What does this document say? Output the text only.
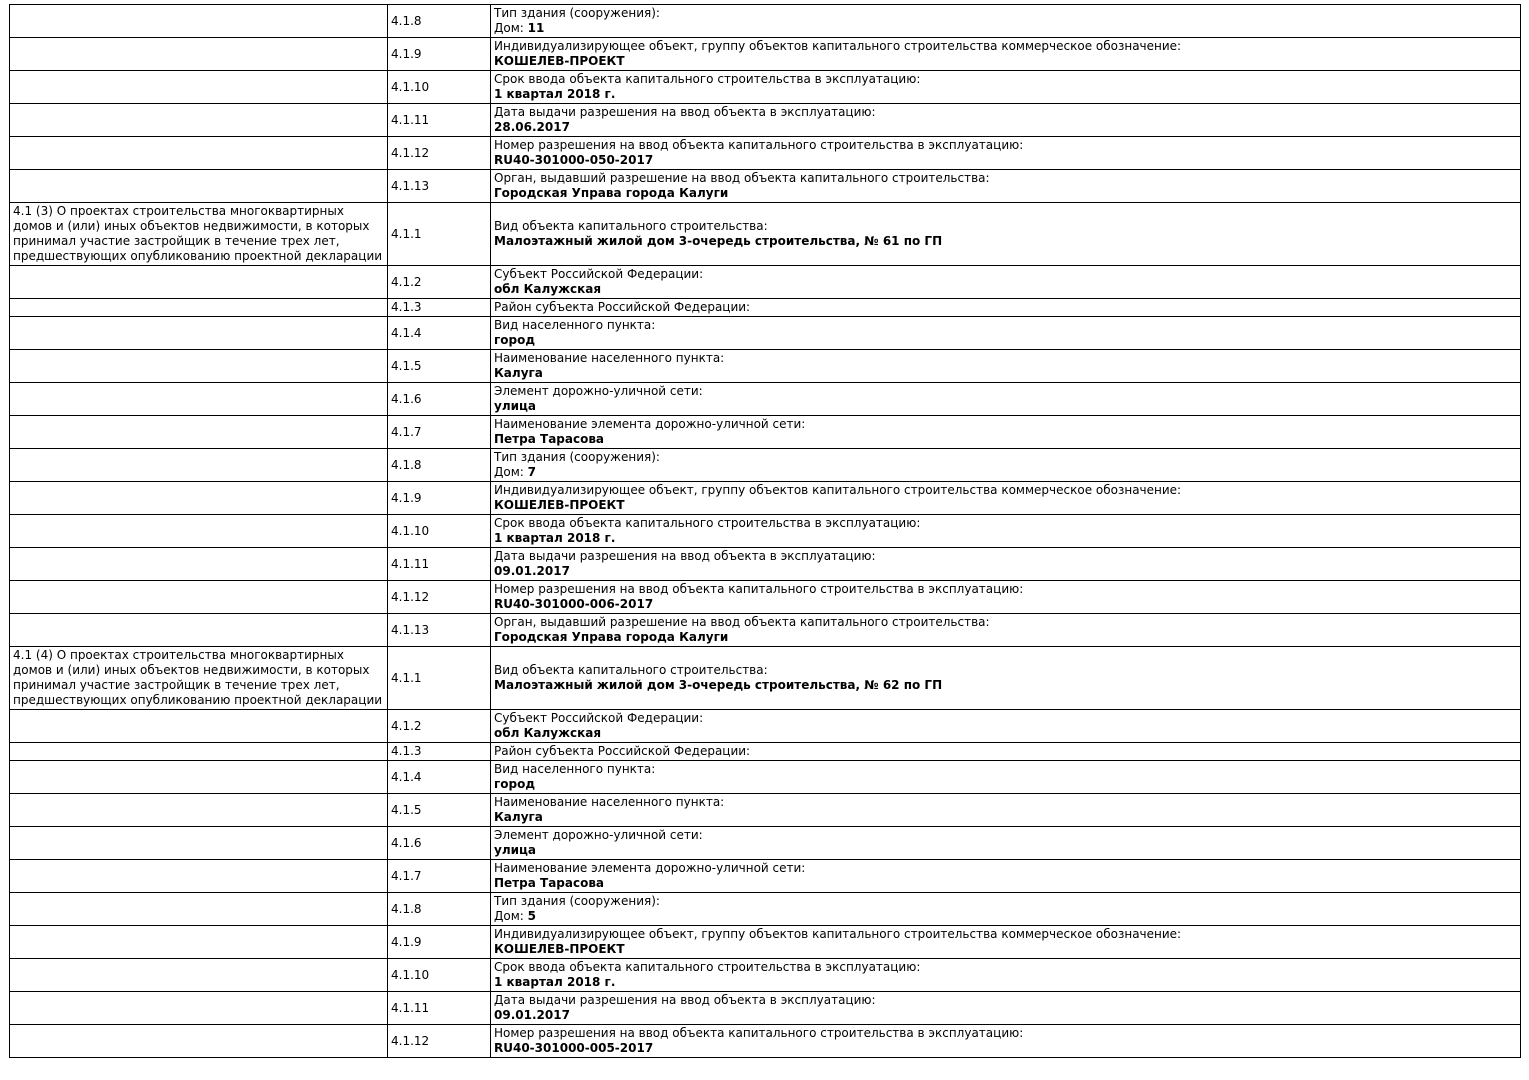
	4.1.8	Тип здания (сооружения):
Дом: 11

	4.1.9	Индивидуализирующее объект, группу объектов капитального строительства коммерческое обозначение:
КОШЕЛЕВ-ПРОЕКТ

	4.1.10	Срок ввода объекта капитального строительства в эксплуатацию:
1 квартал 2018 г.

	4.1.11	Дата выдачи разрешения на ввод объекта в эксплуатацию:
28.06.2017

	4.1.12	Номер разрешения на ввод объекта капитального строительства в эксплуатацию:
RU40-301000-050-2017

	4.1.13	Орган, выдавший разрешение на ввод объекта капитального строительства:
Городская Управа города Калуги

4.1 (3) О проектах строительства многоквартирных домов и (или) иных объектов недвижимости, в которых принимал участие застройщик в течение трех лет, предшествующих опубликованию проектной декларации	4.1.1	Вид объекта капитального строительства:
Малоэтажный жилой дом 3-очередь строительства, № 61 по ГП

	4.1.2	Субъект Российской Федерации:
обл Калужская

	4.1.3	Район субъекта Российской Федерации:

	4.1.4	Вид населенного пункта:
город

	4.1.5	Наименование населенного пункта:
Калуга

	4.1.6	Элемент дорожно-уличной сети:
улица

	4.1.7	Наименование элемента дорожно-уличной сети:
Петра Тарасова

	4.1.8	Тип здания (сооружения):
Дом: 7

	4.1.9	Индивидуализирующее объект, группу объектов капитального строительства коммерческое обозначение:
КОШЕЛЕВ-ПРОЕКТ

	4.1.10	Срок ввода объекта капитального строительства в эксплуатацию:
1 квартал 2018 г.

	4.1.11	Дата выдачи разрешения на ввод объекта в эксплуатацию:
09.01.2017

	4.1.12	Номер разрешения на ввод объекта капитального строительства в эксплуатацию:
RU40-301000-006-2017

	4.1.13	Орган, выдавший разрешение на ввод объекта капитального строительства:
Городская Управа города Калуги

4.1 (4) О проектах строительства многоквартирных домов и (или) иных объектов недвижимости, в которых принимал участие застройщик в течение трех лет, предшествующих опубликованию проектной декларации	4.1.1	Вид объекта капитального строительства:
Малоэтажный жилой дом 3-очередь строительства, № 62 по ГП

	4.1.2	Субъект Российской Федерации:
обл Калужская

	4.1.3	Район субъекта Российской Федерации:

	4.1.4	Вид населенного пункта:
город

	4.1.5	Наименование населенного пункта:
Калуга

	4.1.6	Элемент дорожно-уличной сети:
улица

	4.1.7	Наименование элемента дорожно-уличной сети:
Петра Тарасова

	4.1.8	Тип здания (сооружения):
Дом: 5

	4.1.9	Индивидуализирующее объект, группу объектов капитального строительства коммерческое обозначение:
КОШЕЛЕВ-ПРОЕКТ

	4.1.10	Срок ввода объекта капитального строительства в эксплуатацию:
1 квартал 2018 г.

	4.1.11	Дата выдачи разрешения на ввод объекта в эксплуатацию:
09.01.2017

	4.1.12	Номер разрешения на ввод объекта капитального строительства в эксплуатацию:
RU40-301000-005-2017
